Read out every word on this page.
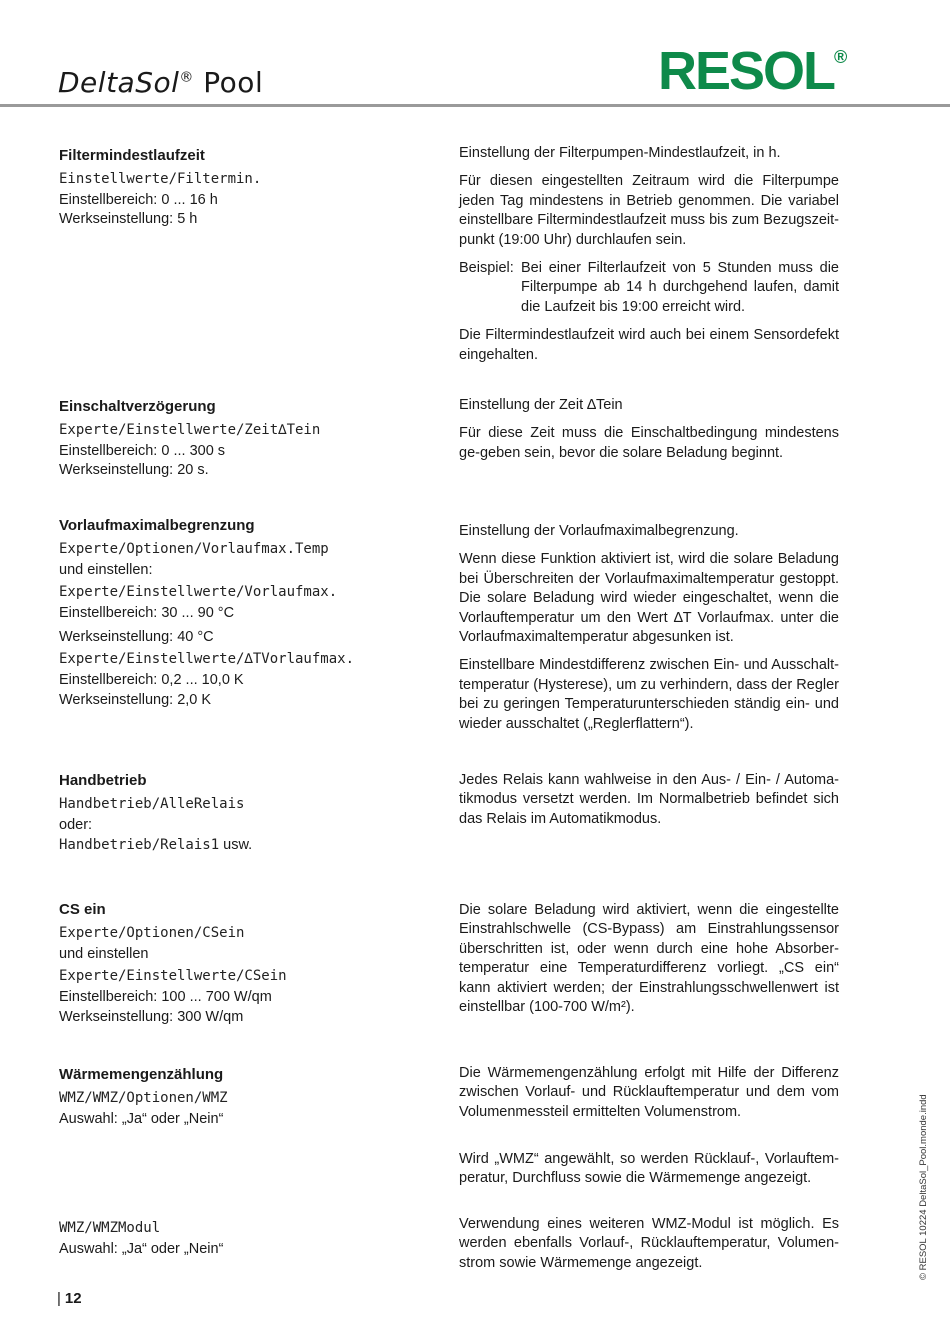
DeltaSol® Pool	RESOL®
Filtermindestlaufzeit
Einstellwerte/Filtermin.
Einstellbereich: 0 ... 16 h
Werkseinstellung: 5 h

Einstellung der Filterpumpen-Mindestlaufzeit, in h.

Für diesen eingestellten Zeitraum wird die Filterpumpe jeden Tag mindestens in Betrieb genommen. Die variabel einstellbare Filtermindestlaufzeit muss bis zum Bezugszeit-punkt (19:00 Uhr) durchlaufen sein.

Beispiel: Bei einer Filterlaufzeit von 5 Stunden muss die Filterpumpe ab 14 h durchgehend laufen, damit die Laufzeit bis 19:00 erreicht wird.

Die Filtermindestlaufzeit wird auch bei einem Sensordefekt eingehalten.

Einschaltverzögerung
Experte/Einstellwerte/Zeit∆Tein
Einstellbereich: 0 ... 300 s
Werkseinstellung: 20 s.

Einstellung der Zeit ∆Tein

Für diese Zeit muss die Einschaltbedingung mindestens ge-geben sein, bevor die solare Beladung beginnt.

Vorlaufmaximalbegrenzung
Experte/Optionen/Vorlaufmax.Temp
und einstellen:
Experte/Einstellwerte/Vorlaufmax.
Einstellbereich: 30 ... 90 °C
Werkseinstellung: 40 °C
Experte/Einstellwerte/∆TVorlaufmax.
Einstellbereich: 0,2 ... 10,0 K
Werkseinstellung: 2,0 K

Einstellung der Vorlaufmaximalbegrenzung.

Wenn diese Funktion aktiviert ist, wird die solare Beladung bei Überschreiten der Vorlaufmaximaltemperatur gestoppt. Die solare Beladung wird wieder eingeschaltet, wenn die Vorlauftemperatur um den Wert ∆T Vorlaufmax. unter die Vorlaufmaximaltemperatur abgesunken ist.

Einstellbare Mindestdifferenz zwischen Ein- und Ausschalt-temperatur (Hysterese), um zu verhindern, dass der Regler bei zu geringen Temperaturunterschieden ständig ein- und wieder ausschaltet („Reglerflattern“).

Handbetrieb
Handbetrieb/AlleRelais
oder:
Handbetrieb/Relais1 usw.

Jedes Relais kann wahlweise in den Aus- / Ein- / Automa-tikmodus versetzt werden. Im Normalbetrieb befindet sich das Relais im Automatikmodus.

CS ein
Experte/Optionen/CSein
und einstellen
Experte/Einstellwerte/CSein
Einstellbereich: 100 ... 700 W/qm
Werkseinstellung: 300 W/qm

Die solare Beladung wird aktiviert, wenn die eingestellte Einstrahlschwelle (CS-Bypass) am Einstrahlungssensor überschritten ist, oder wenn durch eine hohe Absorber-temperatur eine Temperaturdifferenz vorliegt. „CS ein“ kann aktiviert werden; der Einstrahlungsschwellenwert ist einstellbar (100-700 W/m²).

Wärmemengenzählung
WMZ/WMZ/Optionen/WMZ
Auswahl: „Ja“ oder „Nein“
WMZ/WMZModul
Auswahl: „Ja“ oder „Nein“

Die Wärmemengenzählung erfolgt mit Hilfe der Differenz zwischen Vorlauf- und Rücklauftemperatur und dem vom Volumenmessteil ermittelten Volumenstrom.

Wird „WMZ“ angewählt, so werden Rücklauf-, Vorlauftem-peratur, Durchfluss sowie die Wärmemenge angezeigt.

Verwendung eines weiteren WMZ-Modul ist möglich. Es werden ebenfalls Vorlauf-, Rücklauftemperatur, Volumen-strom sowie Wärmemenge angezeigt.

| 12
© RESOL 10224 DeltaSol_Pool.monde.indd
